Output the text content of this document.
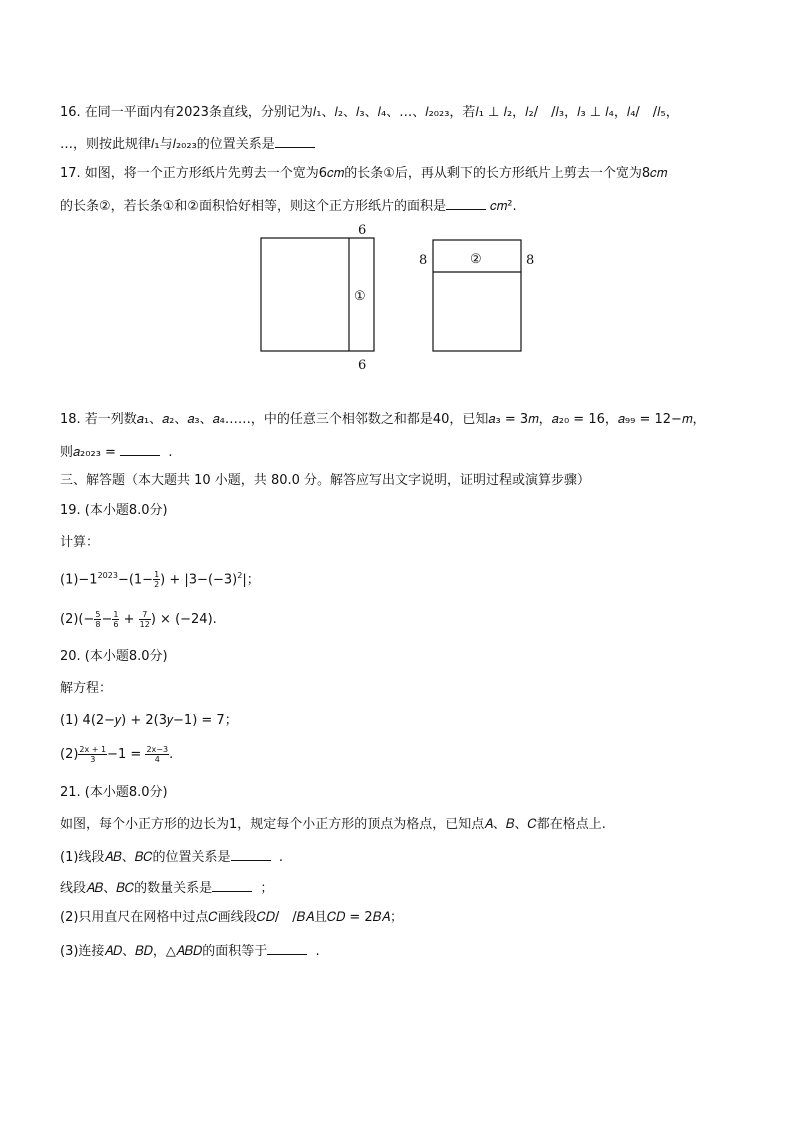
16. 在同一平面内有2023条直线，分别记为𝑙₁、𝑙₂、𝑙₃、𝑙₄、…、𝑙₂₀₂₃，若𝑙₁ ⊥ 𝑙₂，𝑙₂/　/𝑙₃，𝑙₃ ⊥ 𝑙₄，𝑙₄/　/𝑙₅，
…，则按此规律𝑙₁与𝑙₂₀₂₃的位置关系是
17. 如图，将一个正方形纸片先剪去一个宽为6𝑐𝑚的长条①后，再从剩下的长方形纸片上剪去一个宽为8𝑐𝑚
的长条②，若长条①和②面积恰好相等，则这个正方形纸片的面积是	𝑐𝑚².
6
6
①
8	8
②
18. 若一列数𝑎₁、𝑎₂、𝑎₃、𝑎₄……，中的任意三个相邻数之和都是40，已知𝑎₃ = 3𝑚，𝑎₂₀ = 16，𝑎₉₉ = 12−𝑚，
则𝑎₂₀₂₃ =	.
三、解答题（本大题共 10 小题，共 80.0 分。解答应写出文字说明，证明过程或演算步骤）
19. (本小题8.0分)
计算：
$(1)-1^{2023}-(1- \frac{1}{2}$ ) + $|3-(-3)^2|$；
$(2)(- \frac{5}{8} - \frac{1}{6} + \frac{7}{12}$ ) × (−24).
20. (本小题8.0分)
解方程：
(1) 4(2−𝑦) + 2(3𝑦−1) = 7；
$(2) \frac{2x + 1}{3} -1 = \frac{2x-3}{4}$ .
21. (本小题8.0分)
如图，每个小正方形的边长为1，规定每个小正方形的顶点为格点，已知点𝐴、𝐵、𝐶都在格点上.
(1)线段𝐴𝐵、𝐵𝐶的位置关系是	.
线段𝐴𝐵、𝐵𝐶的数量关系是	；
(2)只用直尺在网格中过点𝐶画线段𝐶𝐷/　/𝐵𝐴且𝐶𝐷 = 2𝐵𝐴；
(3)连接𝐴𝐷、𝐵𝐷，△𝐴𝐵𝐷的面积等于	.
